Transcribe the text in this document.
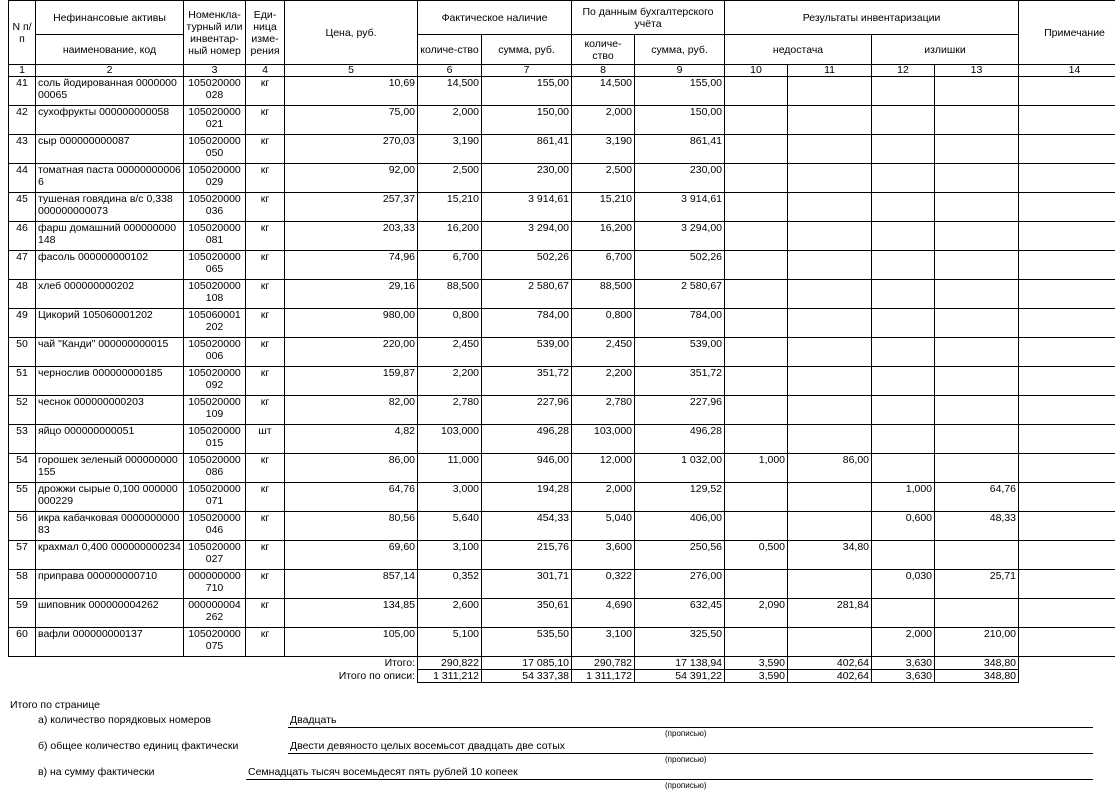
N п/п	Нефинансовые активы	Номенкла-турный или инвентар-ный номер	Еди-ница изме-рения	Цена, руб.	Фактическое наличие		По данным бухгалтерского учёта		Результаты инвентаризации				Примечание
	наименование, код				количе-ство	сумма, руб.	количе-ство	сумма, руб.	недостача		излишки		
1	2	3	4	5	6	7	8	9	10	11	12	13	14
41	соль йодированная 000000000065	105020000 028	кг	10,69	14,500	155,00	14,500	155,00					
42	сухофрукты 000000000058	105020000 021	кг	75,00	2,000	150,00	2,000	150,00					
43	сыр 000000000087	105020000 050	кг	270,03	3,190	861,41	3,190	861,41					
44	томатная паста 000000000066	105020000 029	кг	92,00	2,500	230,00	2,500	230,00					
45	тушеная говядина в/с 0,338 000000000073	105020000 036	кг	257,37	15,210	3 914,61	15,210	3 914,61					
46	фарш домашний 000000000148	105020000 081	кг	203,33	16,200	3 294,00	16,200	3 294,00					
47	фасоль 000000000102	105020000 065	кг	74,96	6,700	502,26	6,700	502,26					
48	хлеб 000000000202	105020000 108	кг	29,16	88,500	2 580,67	88,500	2 580,67					
49	Цикорий 105060001202	105060001 202	кг	980,00	0,800	784,00	0,800	784,00					
50	чай "Канди" 000000000015	105020000 006	кг	220,00	2,450	539,00	2,450	539,00					
51	чернослив 000000000185	105020000 092	кг	159,87	2,200	351,72	2,200	351,72					
52	чеснок 000000000203	105020000 109	кг	82,00	2,780	227,96	2,780	227,96					
53	яйцо 000000000051	105020000 015	шт	4,82	103,000	496,28	103,000	496,28					
54	горошек зеленый 000000000155	105020000 086	кг	86,00	11,000	946,00	12,000	1 032,00	1,000	86,00			
55	дрожжи сырые 0,100 000000000229	105020000 071	кг	64,76	3,000	194,28	2,000	129,52			1,000	64,76	
56	икра кабачковая 000000000083	105020000 046	кг	80,56	5,640	454,33	5,040	406,00			0,600	48,33	
57	крахмал 0,400 000000000234	105020000 027	кг	69,60	3,100	215,76	3,600	250,56	0,500	34,80			
58	приправа 000000000710	000000000 710	кг	857,14	0,352	301,71	0,322	276,00			0,030	25,71	
59	шиповник 000000004262	000000004 262	кг	134,85	2,600	350,61	4,690	632,45	2,090	281,84			
60	вафли 000000000137	105020000 075	кг	105,00	5,100	535,50	3,100	325,50			2,000	210,00	
Итого:					290,822	17 085,10	290,782	17 138,94	3,590	402,64	3,630	348,80	
Итого по описи:					1 311,212	54 337,38	1 311,172	54 391,22	3,590	402,64	3,630	348,80	
Итого по странице
а) количество порядковых номеров	Двадцать
(прописью)
б) общее количество единиц фактически	Двести девяносто целых восемьсот двадцать две сотых
(прописью)
в) на сумму фактически	Семнадцать тысяч восемьдесят пять рублей 10 копеек
(прописью)
